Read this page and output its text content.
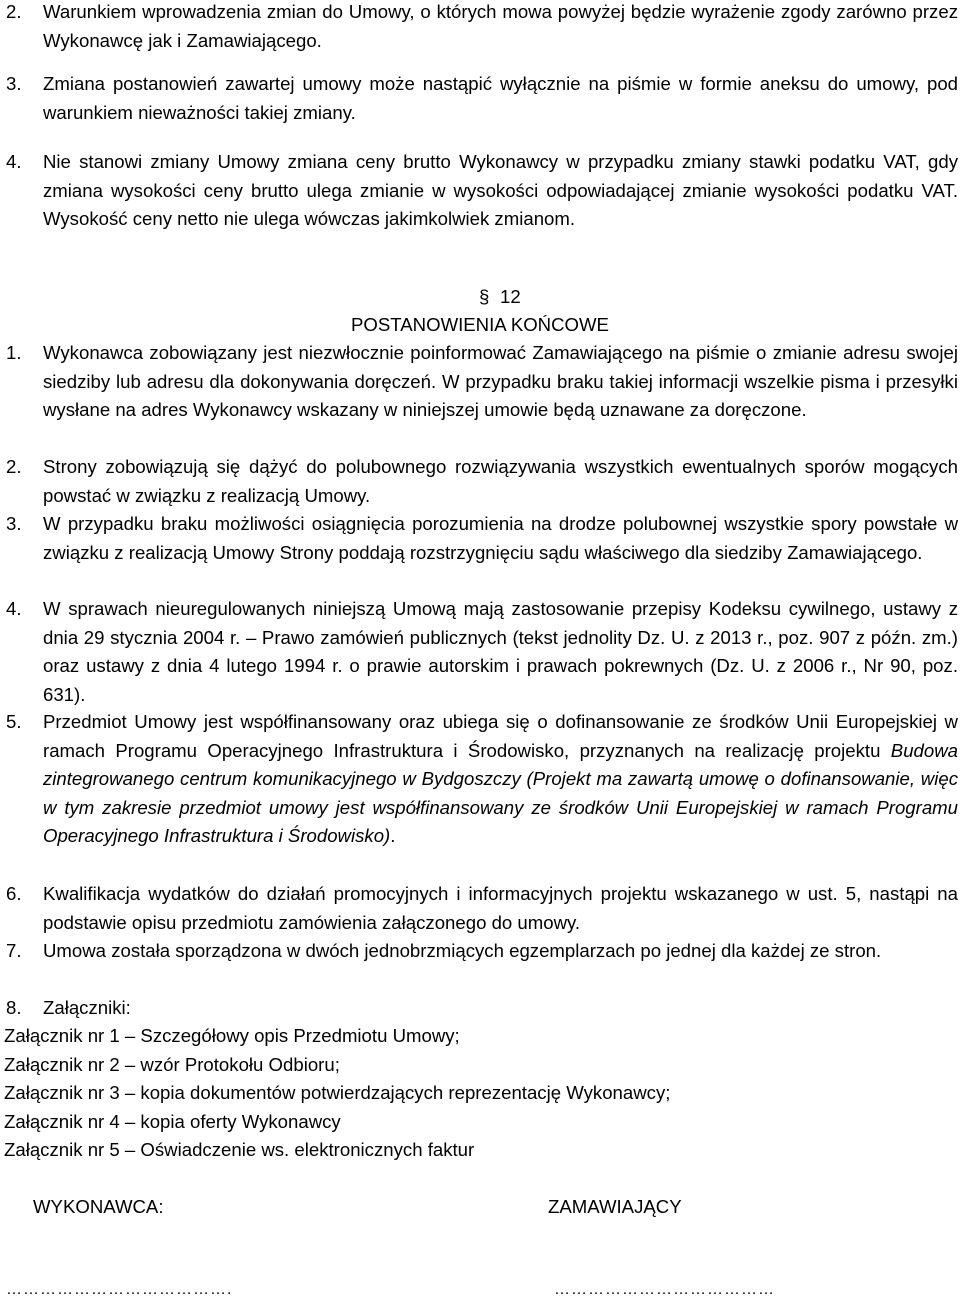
2.	Warunkiem wprowadzenia zmian do Umowy, o których mowa powyżej będzie wyrażenie zgody zarówno przez Wykonawcę jak i Zamawiającego.
3.	Zmiana postanowień zawartej umowy może nastąpić wyłącznie na piśmie w formie aneksu do umowy, pod warunkiem nieważności takiej zmiany.
4.	Nie stanowi zmiany Umowy zmiana ceny brutto Wykonawcy w przypadku zmiany stawki podatku VAT, gdy zmiana wysokości ceny brutto ulega zmianie w wysokości odpowiadającej zmianie wysokości podatku VAT. Wysokość ceny netto nie ulega wówczas jakimkolwiek zmianom.
§ 12
POSTANOWIENIA KOŃCOWE
1.	Wykonawca zobowiązany jest niezwłocznie poinformować Zamawiającego na piśmie o zmianie adresu swojej siedziby lub adresu dla dokonywania doręczeń. W przypadku braku takiej informacji wszelkie pisma i przesyłki wysłane na adres Wykonawcy wskazany w niniejszej umowie będą uznawane za doręczone.
2.	Strony zobowiązują się dążyć do polubownego rozwiązywania wszystkich ewentualnych sporów mogących powstać w związku z realizacją Umowy.
3.	W przypadku braku możliwości osiągnięcia porozumienia na drodze polubownej wszystkie spory powstałe w związku z realizacją Umowy Strony poddają rozstrzygnięciu sądu właściwego dla siedziby Zamawiającego.
4.	W sprawach nieuregulowanych niniejszą Umową mają zastosowanie przepisy Kodeksu cywilnego, ustawy z dnia 29 stycznia 2004 r. – Prawo zamówień publicznych (tekst jednolity Dz. U. z 2013 r., poz. 907 z późn. zm.) oraz ustawy z dnia 4 lutego 1994 r. o prawie autorskim i prawach pokrewnych (Dz. U. z 2006 r., Nr 90, poz. 631).
5.	Przedmiot Umowy jest współfinansowany oraz ubiega się o dofinansowanie ze środków Unii Europejskiej w ramach Programu Operacyjnego Infrastruktura i Środowisko, przyznanych na realizację projektu Budowa zintegrowanego centrum komunikacyjnego w Bydgoszczy (Projekt ma zawartą umowę o dofinansowanie, więc w tym zakresie przedmiot umowy jest współfinansowany ze środków Unii Europejskiej w ramach Programu Operacyjnego Infrastruktura i Środowisko).
6.	Kwalifikacja wydatków do działań promocyjnych i informacyjnych projektu wskazanego w ust. 5, nastąpi na podstawie opisu przedmiotu zamówienia załączonego do umowy.
7.	Umowa została sporządzona w dwóch jednobrzmiących egzemplarzach po jednej dla każdej ze stron.
8.	Załączniki:
Załącznik nr 1 – Szczegółowy opis Przedmiotu Umowy;
Załącznik nr 2 – wzór Protokołu Odbioru;
Załącznik nr 3 – kopia dokumentów potwierdzających reprezentację Wykonawcy;
Załącznik nr 4 – kopia oferty Wykonawcy
Załącznik nr 5 – Oświadczenie ws. elektronicznych faktur
WYKONAWCA:	ZAMAWIAJĄCY
………………………………….	…………………………………
